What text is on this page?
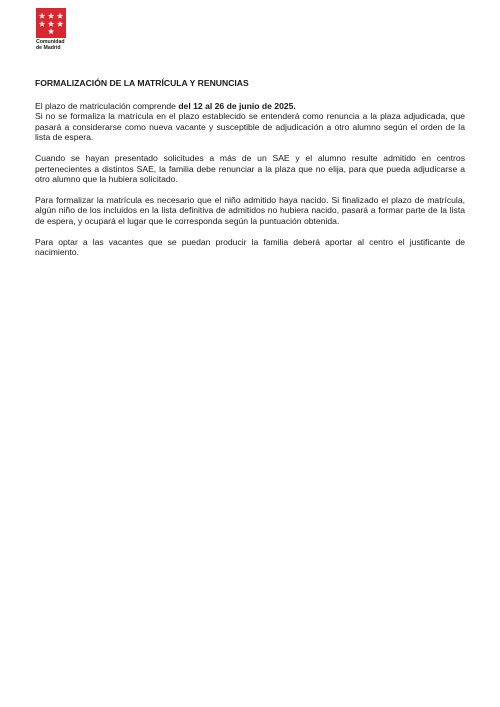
Comunidad
de Madrid
FORMALIZACIÓN DE LA MATRÍCULA Y RENUNCIAS
El plazo de matriculación comprende del 12 al 26 de junio de 2025.
Si no se formaliza la matrícula en el plazo establecido se entenderá como renuncia a la plaza adjudicada, que pasará a considerarse como nueva vacante y susceptible de adjudicación a otro alumno según el orden de la lista de espera.
Cuando se hayan presentado solicitudes a más de un SAE y el alumno resulte admitido en centros pertenecientes a distintos SAE, la familia debe renunciar a la plaza que no elija, para que pueda adjudicarse a otro alumno que la hubiera solicitado.
Para formalizar la matrícula es necesario que el niño admitido haya nacido. Si finalizado el plazo de matrícula, algún niño de los incluidos en la lista definitiva de admitidos no hubiera nacido, pasará a formar parte de la lista de espera, y ocupará el lugar que le corresponda según la puntuación obtenida.
Para optar a las vacantes que se puedan producir la familia deberá aportar al centro el justificante de nacimiento.
